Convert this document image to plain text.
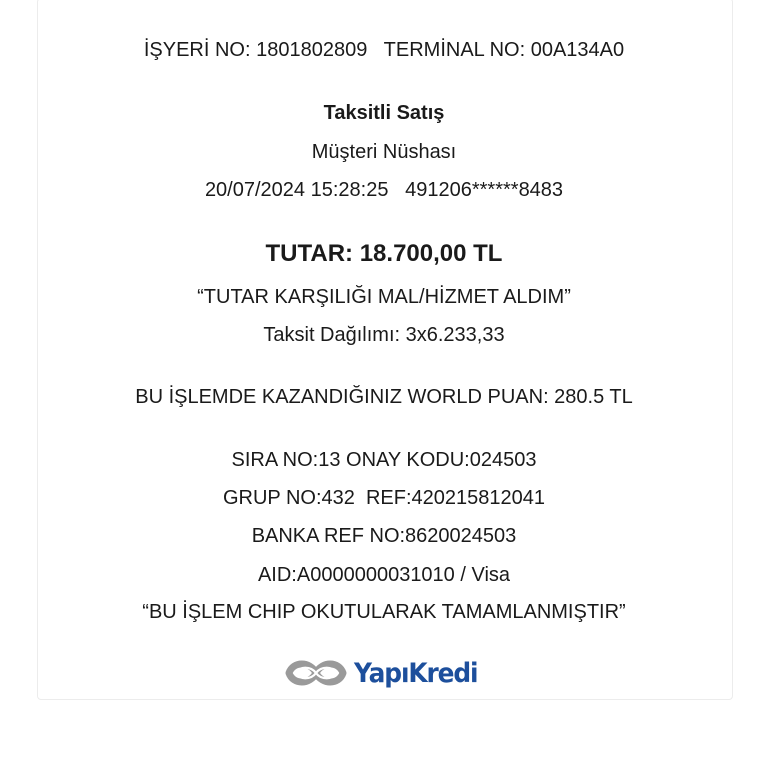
İŞYERİ NO: 1801802809 TERMİNAL NO: 00A134A0
Taksitli Satış
Müşteri Nüshası
20/07/2024 15:28:25 491206******8483
TUTAR: 18.700,00 TL
“TUTAR KARŞILIĞI MAL/HİZMET ALDIM”
Taksit Dağılımı: 3x6.233,33
BU İŞLEMDE KAZANDIĞINIZ WORLD PUAN: 280.5 TL
SIRA NO:13 ONAY KODU:024503
GRUP NO:432  REF:420215812041
BANKA REF NO:8620024503
AID:A0000000031010 / Visa
“BU İŞLEM CHIP OKUTULARAK TAMAMLANMIŞTIR”
YapıKredi
